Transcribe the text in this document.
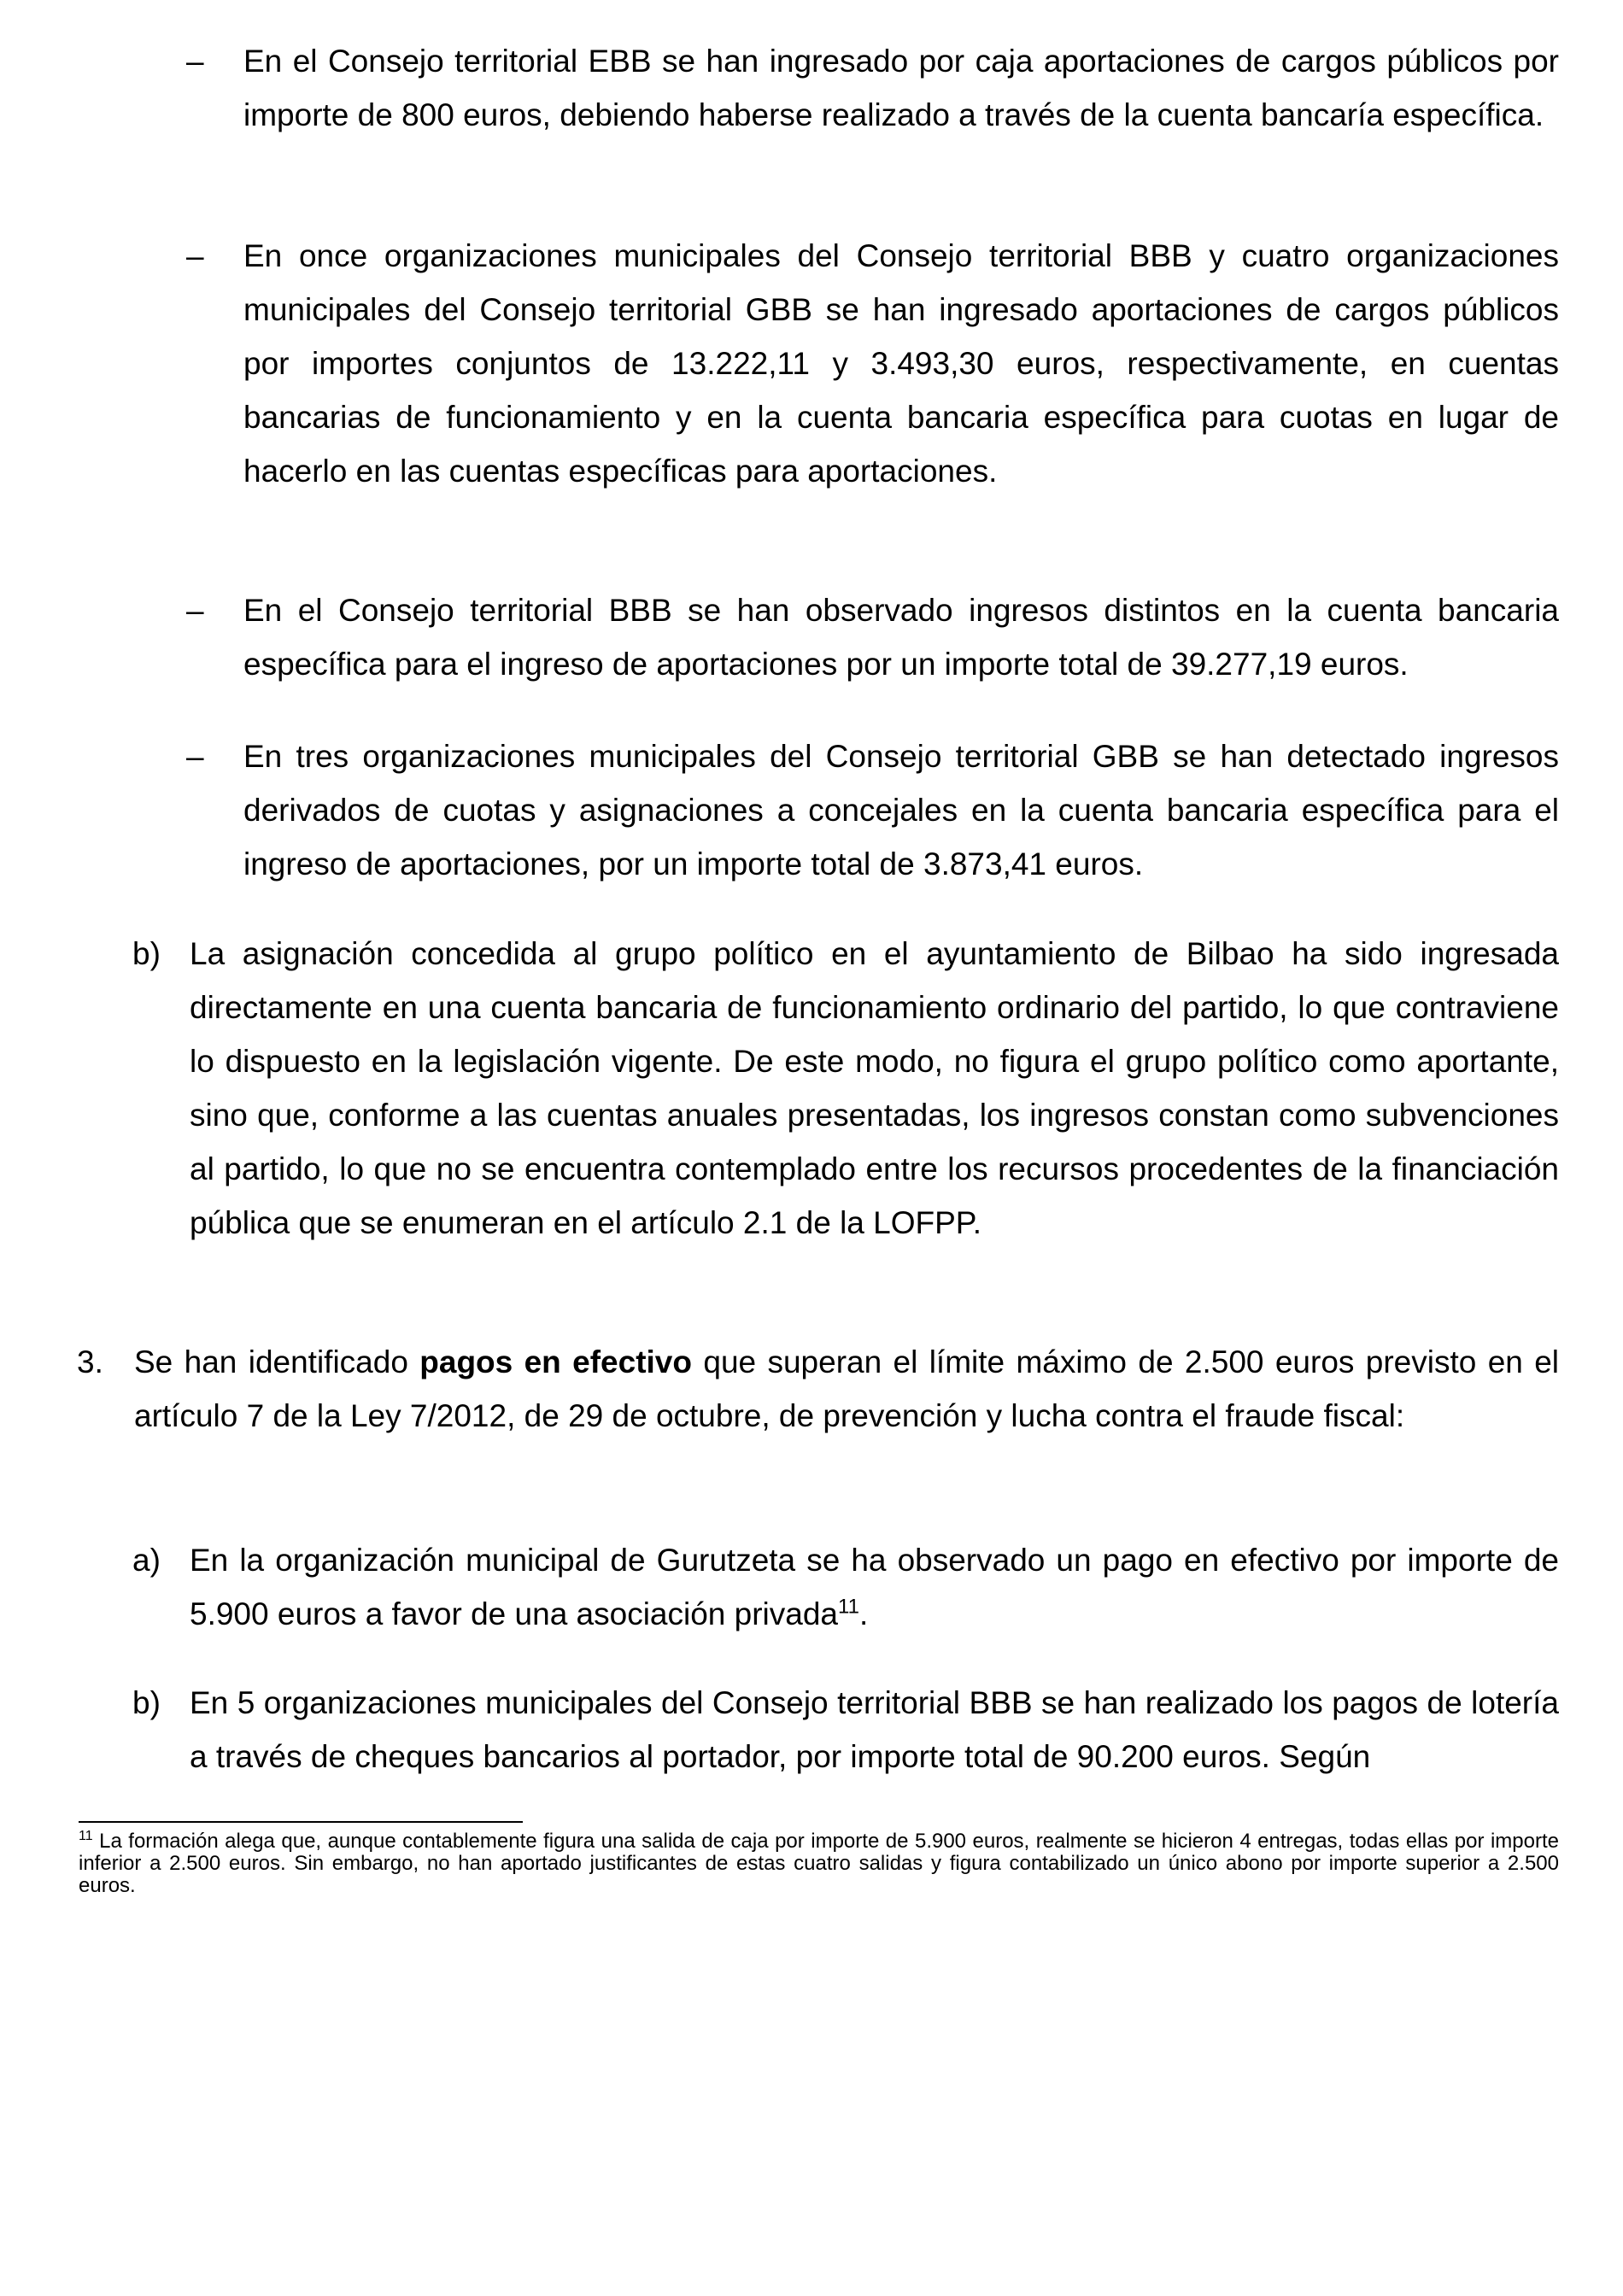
– En el Consejo territorial EBB se han ingresado por caja aportaciones de cargos públicos por importe de 800 euros, debiendo haberse realizado a través de la cuenta bancaría específica.
– En once organizaciones municipales del Consejo territorial BBB y cuatro organizaciones municipales del Consejo territorial GBB se han ingresado aportaciones de cargos públicos por importes conjuntos de 13.222,11 y 3.493,30 euros, respectivamente, en cuentas bancarias de funcionamiento y en la cuenta bancaria específica para cuotas en lugar de hacerlo en las cuentas específicas para aportaciones.
– En el Consejo territorial BBB se han observado ingresos distintos en la cuenta bancaria específica para el ingreso de aportaciones por un importe total de 39.277,19 euros.
– En tres organizaciones municipales del Consejo territorial GBB se han detectado ingresos derivados de cuotas y asignaciones a concejales en la cuenta bancaria específica para el ingreso de aportaciones, por un importe total de 3.873,41 euros.
b) La asignación concedida al grupo político en el ayuntamiento de Bilbao ha sido ingresada directamente en una cuenta bancaria de funcionamiento ordinario del partido, lo que contraviene lo dispuesto en la legislación vigente. De este modo, no figura el grupo político como aportante, sino que, conforme a las cuentas anuales presentadas, los ingresos constan como subvenciones al partido, lo que no se encuentra contemplado entre los recursos procedentes de la financiación pública que se enumeran en el artículo 2.1 de la LOFPP.
3. Se han identificado pagos en efectivo que superan el límite máximo de 2.500 euros previsto en el artículo 7 de la Ley 7/2012, de 29 de octubre, de prevención y lucha contra el fraude fiscal:
a) En la organización municipal de Gurutzeta se ha observado un pago en efectivo por importe de 5.900 euros a favor de una asociación privada$^{11}$.
b) En 5 organizaciones municipales del Consejo territorial BBB se han realizado los pagos de lotería a través de cheques bancarios al portador, por importe total de 90.200 euros. Según
$^{11}$ La formación alega que, aunque contablemente figura una salida de caja por importe de 5.900 euros, realmente se hicieron 4 entregas, todas ellas por importe inferior a 2.500 euros. Sin embargo, no han aportado justificantes de estas cuatro salidas y figura contabilizado un único abono por importe superior a 2.500 euros.
